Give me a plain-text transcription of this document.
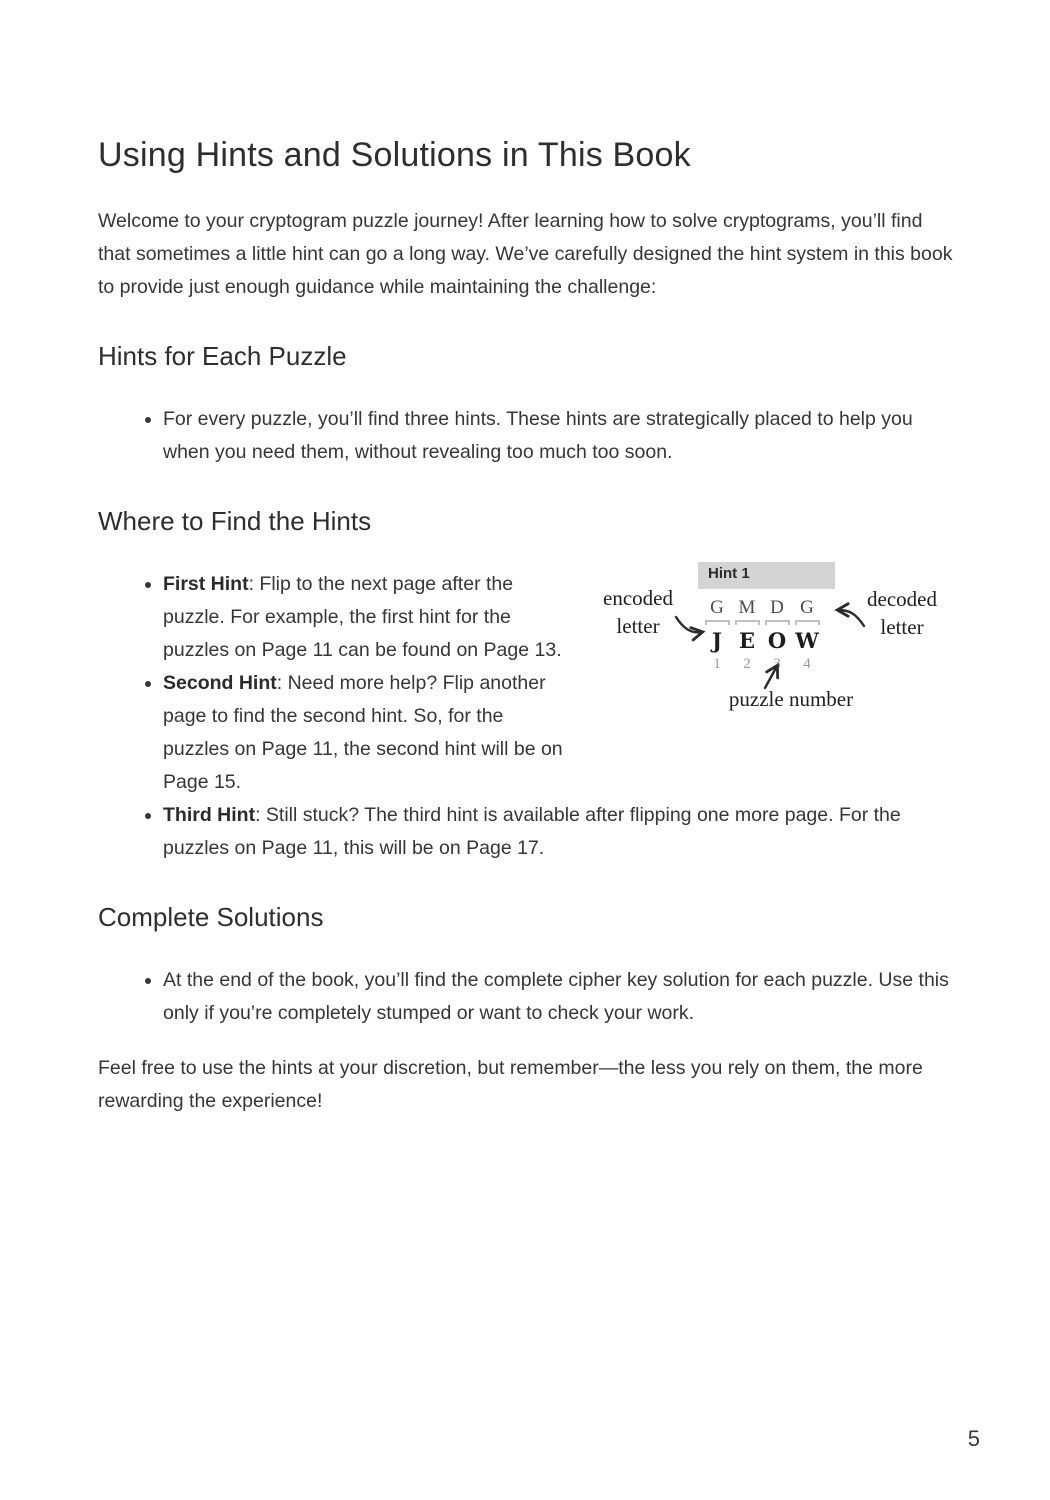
Using Hints and Solutions in This Book

Welcome to your cryptogram puzzle journey! After learning how to solve cryptograms, you’ll find that sometimes a little hint can go a long way. We’ve carefully designed the hint system in this book to provide just enough guidance while maintaining the challenge:

Hints for Each Puzzle
• For every puzzle, you’ll find three hints. These hints are strategically placed to help you when you need them, without revealing too much too soon.
Where to Find the Hints
Hint 1
G
J
1
M
E
2
D
O
3
G
W
4
encoded
letter
decoded
letter
puzzle number
• First Hint: Flip to the next page after the puzzle. For example, the first hint for the puzzles on Page 11 can be found on Page 13.
• Second Hint: Need more help? Flip another page to find the second hint. So, for the puzzles on Page 11, the second hint will be on Page 15.
• Third Hint: Still stuck? The third hint is available after flipping one more page. For the puzzles on Page 11, this will be on Page 17.
Complete Solutions
• At the end of the book, you’ll find the complete cipher key solution for each puzzle. Use this only if you’re completely stumped or want to check your work.

Feel free to use the hints at your discretion, but remember—the less you rely on them, the more rewarding the experience!

5
